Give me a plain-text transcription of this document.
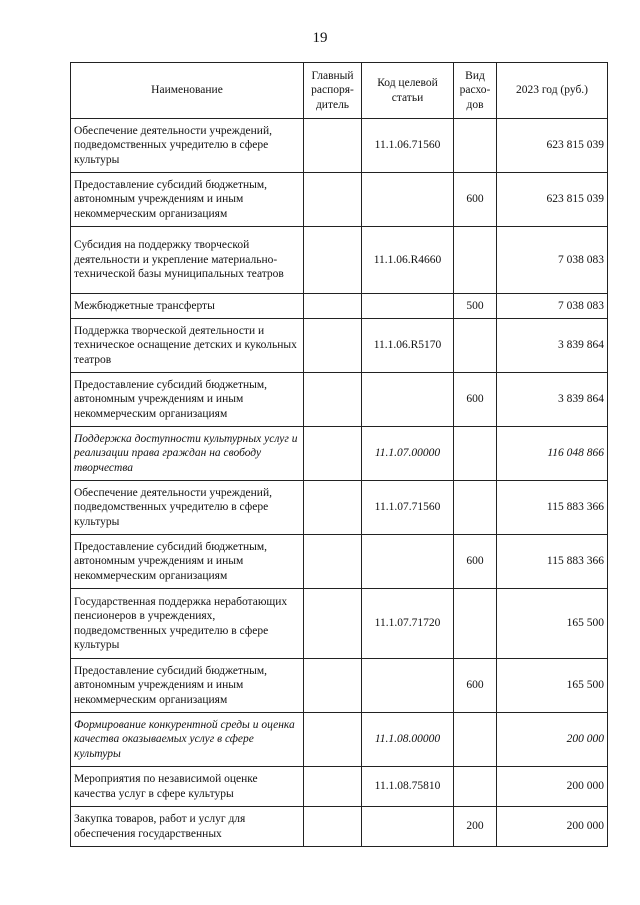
19
Наименование	Главный распоря-дитель	Код целевой статьи	Вид расхо-дов	2023 год (руб.)
Обеспечение деятельности учреждений, подведомственных учредителю в сфере культуры		11.1.06.71560		623 815 039
Предоставление субсидий бюджетным, автономным учреждениям и иным некоммерческим организациям			600	623 815 039
Субсидия на поддержку творческой деятельности и укрепление материально-технической базы муниципальных театров		11.1.06.R4660		7 038 083
Межбюджетные трансферты			500	7 038 083
Поддержка творческой деятельности и техническое оснащение детских и кукольных театров		11.1.06.R5170		3 839 864
Предоставление субсидий бюджетным, автономным учреждениям и иным некоммерческим организациям			600	3 839 864
Поддержка доступности культурных услуг и реализации права граждан на свободу творчества		11.1.07.00000		116 048 866
Обеспечение деятельности учреждений, подведомственных учредителю в сфере культуры		11.1.07.71560		115 883 366
Предоставление субсидий бюджетным, автономным учреждениям и иным некоммерческим организациям			600	115 883 366
Государственная поддержка неработающих пенсионеров в учреждениях, подведомственных учредителю в сфере культуры		11.1.07.71720		165 500
Предоставление субсидий бюджетным, автономным учреждениям и иным некоммерческим организациям			600	165 500
Формирование конкурентной среды и оценка качества оказываемых услуг в сфере культуры		11.1.08.00000		200 000
Мероприятия по независимой оценке качества услуг в сфере культуры		11.1.08.75810		200 000
Закупка товаров, работ и услуг для обеспечения государственных			200	200 000
